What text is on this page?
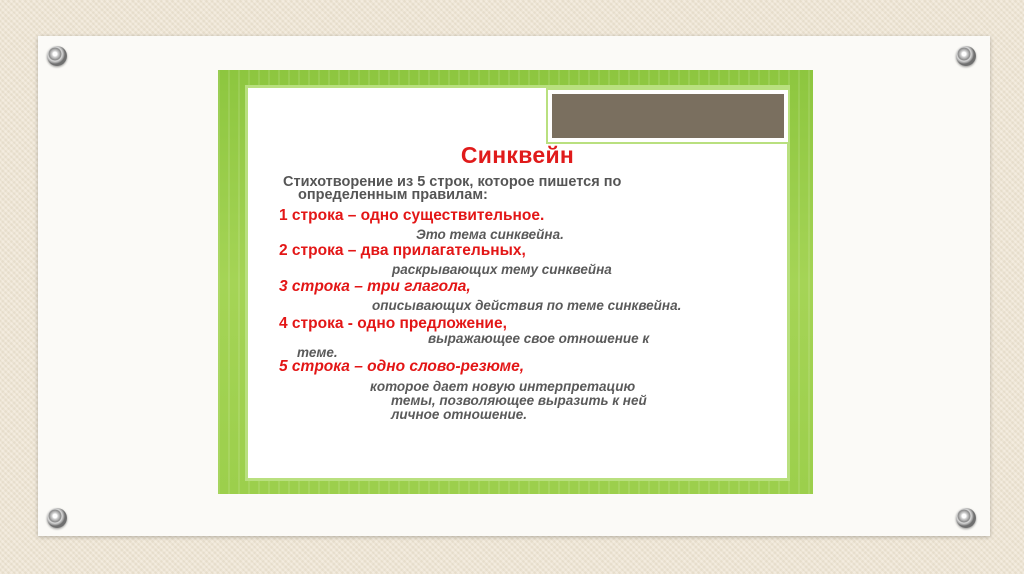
Синквейн
Стихотворение из 5 строк, которое пишется по
определенным правилам:
1 строка – одно существительное.
Это тема синквейна.
2 строка – два прилагательных,
раскрывающих тему синквейна
3 строка – три глагола,
описывающих действия по теме синквейна.
4 строка - одно предложение,
выражающее свое отношение к
теме.
5 строка – одно слово-резюме,
которое дает новую интерпретацию
темы, позволяющее выразить к ней
личное отношение.
